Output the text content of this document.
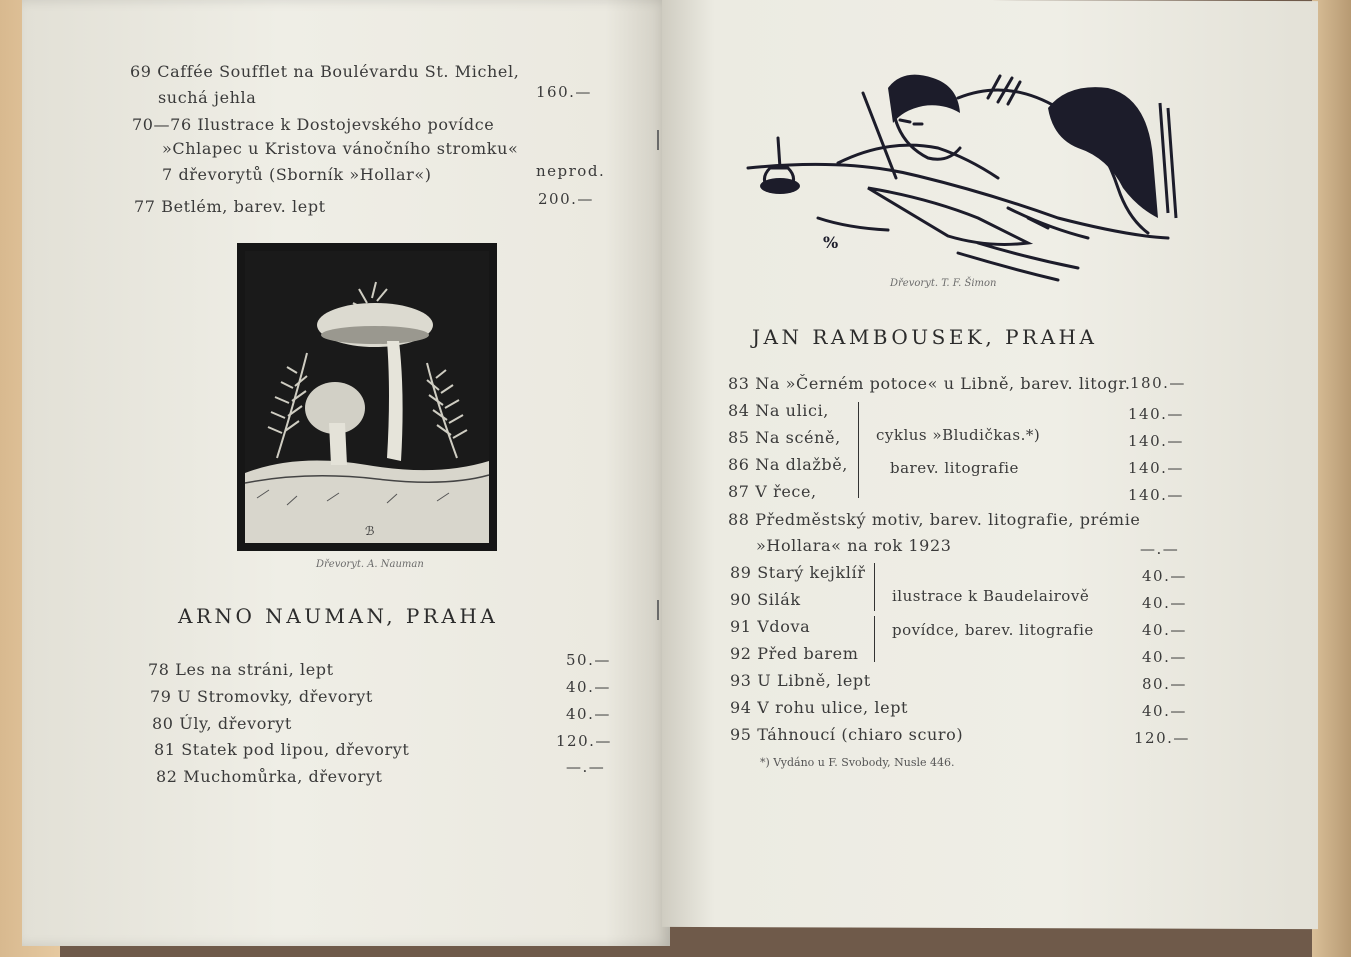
69 Caffée Soufflet na Boulévardu St. Michel,
suchá jehla	160.—
70—76 Ilustrace k Dostojevského povídce
»Chlapec u Kristova vánočního stromku«
7 dřevorytů (Sborník »Hollar«)	neprod.
77 Betlém, barev. lept	200.—
ℬ
Dřevoryt. A. Nauman
ARNO NAUMAN, PRAHA
78 Les na stráni, lept	50.—
79 U Stromovky, dřevoryt	40.—
80 Úly, dřevoryt	40.—
81 Statek pod lipou, dřevoryt	120.—
82 Muchomůrka, dřevoryt	—.—
%
Dřevoryt. T. F. Šimon
JAN RAMBOUSEK, PRAHA
83 Na »Černém potoce« u Libně, barev. litogr. 180.—
84 Na ulici,	140.—
85 Na scéně,	140.—
86 Na dlažbě,	140.—
87 V řece,	140.—
cyklus »Bludičkas.*)
barev. litografie
88 Předměstský motiv, barev. litografie, prémie
»Hollara« na rok 1923	—.—
89 Starý kejklíř	40.—
90 Silák	40.—
91 Vdova	40.—
92 Před barem	40.—
ilustrace k Baudelairově
povídce, barev. litografie
93 U Libně, lept	80.—
94 V rohu ulice, lept	40.—
95 Táhnoucí (chiaro scuro)	120.—
*) Vydáno u F. Svobody, Nusle 446.
